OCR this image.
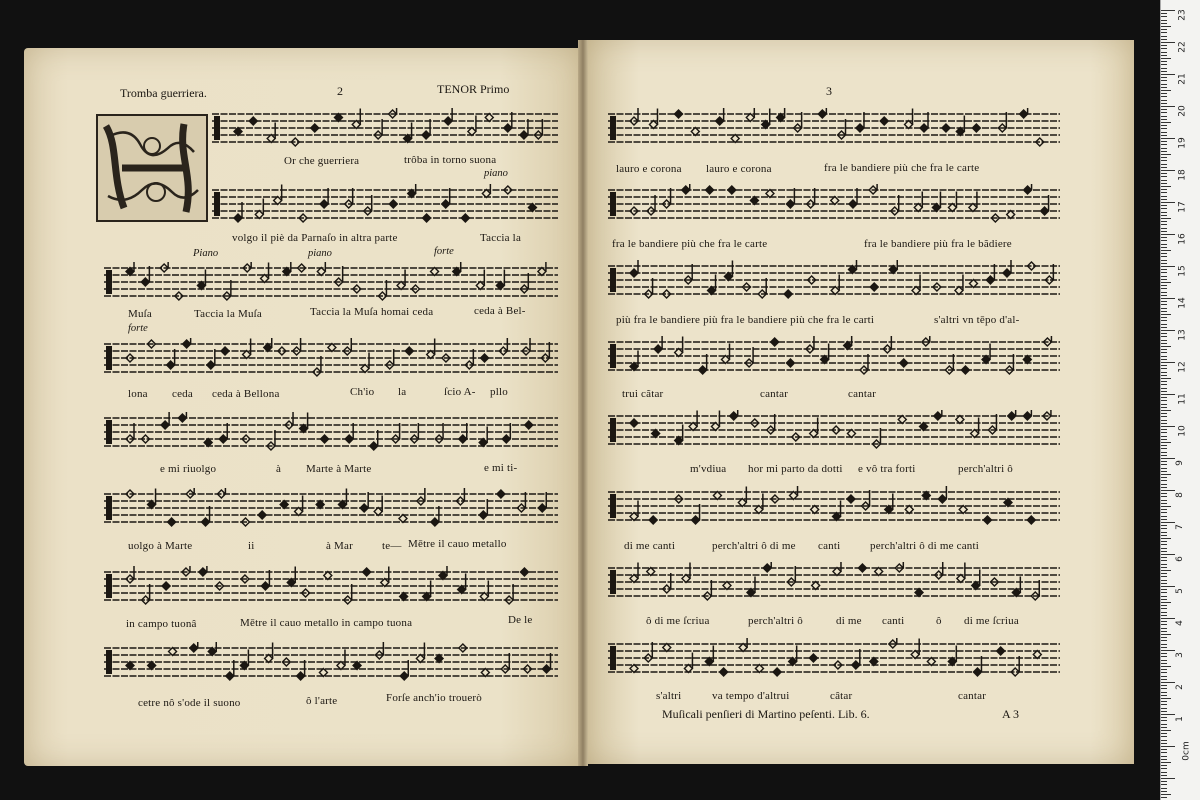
Tromba guerriera.	2	TENOR Primo	3
Or che guerriera	trôba in torno suona
piano
volgo il piè da Parnaſo in altra parte	Taccia la
Piano	piano	forte
Muſa	Taccia la Muſa	Taccia la Muſa homai ceda	ceda à Bel-
forte
lona ceda ceda à Bellona	Ch'io la	ſcio A- pllo
e mi riuolgo	à Marte à Marte	e mi ti-
uolgo à Marte	ii	à Mar	te— Mētre il cauo metallo
in campo tuonâ	Mētre il cauo metallo in campo tuona	De le
cetre nô s'ode il suono	ô l'arte	Forſe anch'io trouerò
lauro e corona lauro e corona	fra le bandiere più che fra le carte
fra le bandiere più che fra le carte	fra le bandiere più fra le bãdiere
più fra le bandiere più fra le bandiere più che fra le carti	s'altri vn tēpo d'al-
trui cãtar	cantar	cantar
m'vdiua hor mi parto da dotti e vô tra forti	perch'altri ô
di me canti	perch'altri ô di me canti	perch'altri ô di me canti
ô di me ſcriua	perch'altri ô	di me canti	ô di me ſcriua
s'altri	va tempo d'altrui	câtar	cantar
Muſicali penſieri di Martino peſenti. Lib. 6.	A 3
23
22
21
20
19
18
17
16
15
14
13
12
11
10
9
8
7
6
5
4
3
2
1
0cm
